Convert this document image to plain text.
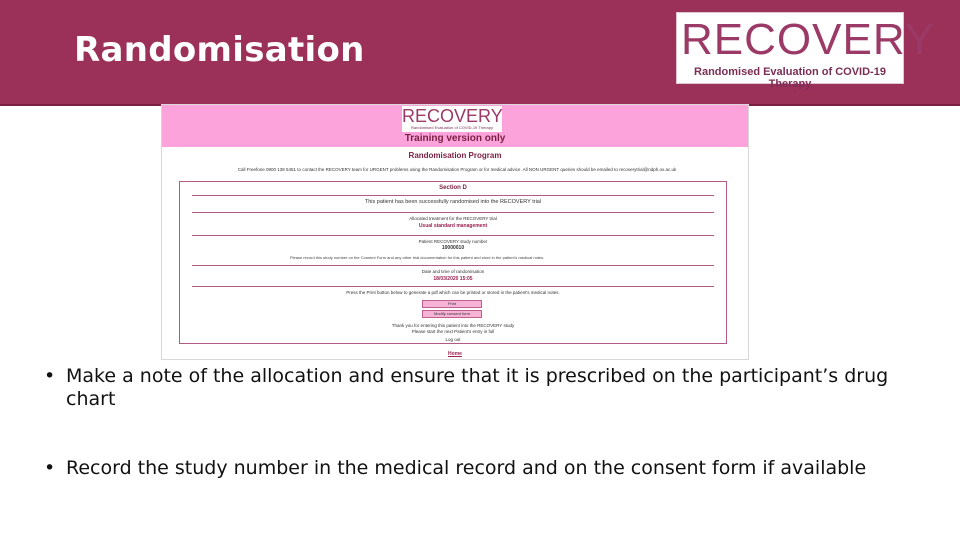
Randomisation	RECOVERY
Randomised Evaluation of COVID-19 Therapy
RECOVERY
Randomised Evaluation of COVID-19 Therapy
Training version only
Randomisation Program
Call Freefone 0800 138 5451 to contact the RECOVERY team for URGENT problems using the Randomisation Program or for medical advice. All NON URGENT queries should be emailed to recoverytrial@ndph.ox.ac.uk
Section D
This patient has been successfully randomised into the RECOVERY trial
Allocated treatment for the RECOVERY trial
Usual standard management
Patient RECOVERY study number
10000010
Please record this study number on the Consent Form and any other trial documentation for this patient and store in the patient's medical notes.
Date and time of randomisation
18/03/2020 15:05
Press the Print button below to generate a pdf which can be printed or stored in the patient's medical notes.
Print
Modify consent form
Thank you for entering this patient into the RECOVERY study
Please start the next Patient's entry in full
Log out
Home
• Make a note of the allocation and ensure that it is prescribed on the participant’s drug chart
• Record the study number in the medical record and on the consent form if available
